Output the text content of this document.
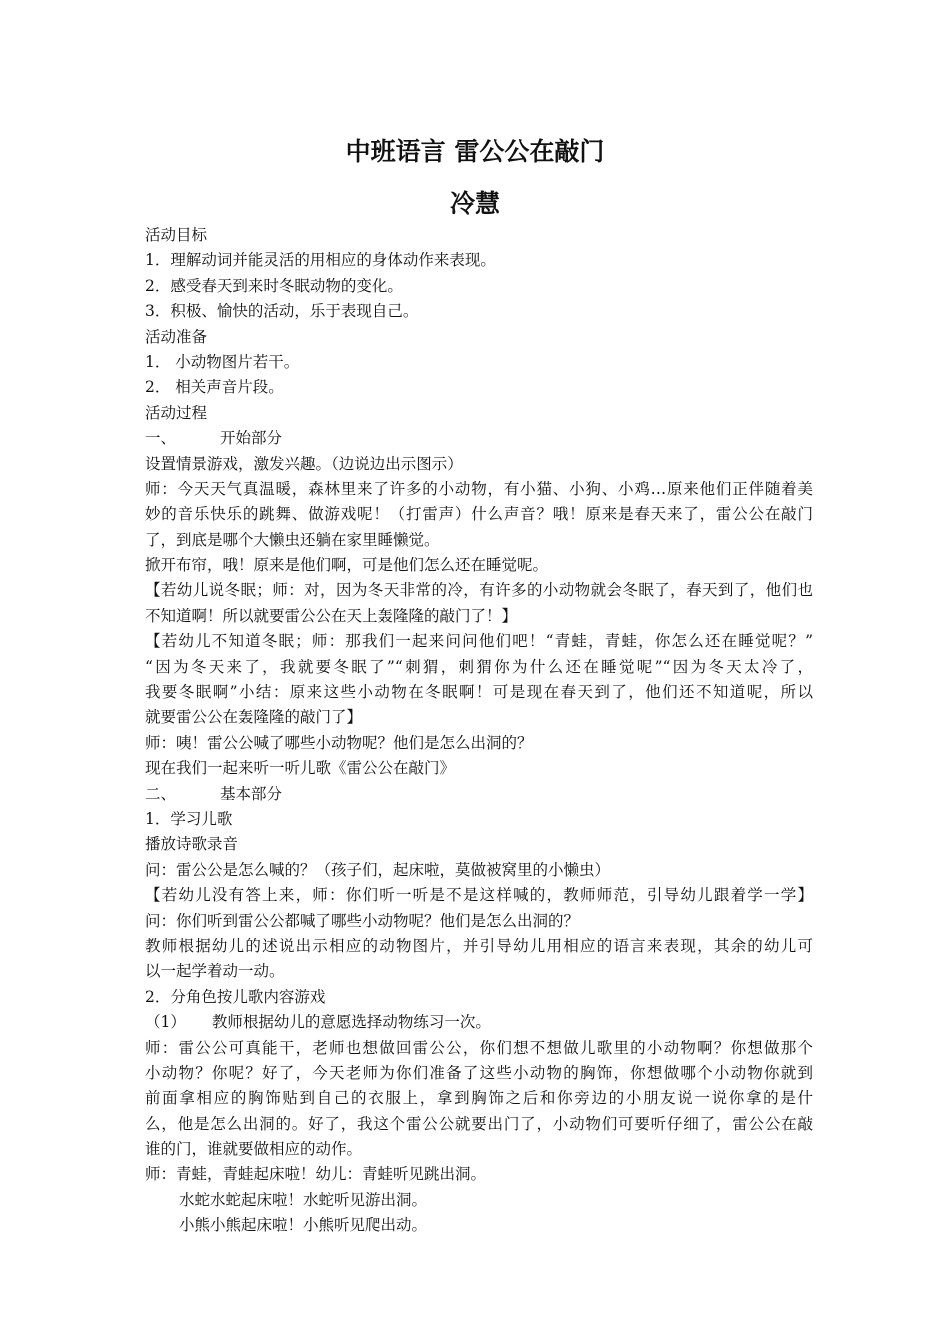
中班语言 雷公公在敲门
冷慧
活动目标
1．理解动词并能灵活的用相应的身体动作来表现。
2．感受春天到来时冬眠动物的变化。
3．积极、愉快的活动，乐于表现自己。
活动准备
1． 小动物图片若干。
2． 相关声音片段。
活动过程
一、	开始部分
设置情景游戏，激发兴趣。（边说边出示图示）
师：今天天气真温暖，森林里来了许多的小动物，有小猫、小狗、小鸡…原来他们正伴随着美
妙的音乐快乐的跳舞、做游戏呢！（打雷声）什么声音？哦！原来是春天来了，雷公公在敲门
了，到底是哪个大懒虫还躺在家里睡懒觉。
掀开布帘，哦！原来是他们啊，可是他们怎么还在睡觉呢。
【若幼儿说冬眠；师：对，因为冬天非常的冷，有许多的小动物就会冬眠了，春天到了，他们也
不知道啊！所以就要雷公公在天上轰隆隆的敲门了！】
【若幼儿不知道冬眠；师：那我们一起来问问他们吧！“青蛙，青蛙，你怎么还在睡觉呢？”
“因为冬天来了，我就要冬眠了”“刺猬，刺猬你为什么还在睡觉呢”“因为冬天太冷了，
我要冬眠啊”小结：原来这些小动物在冬眠啊！可是现在春天到了，他们还不知道呢，所以
就要雷公公在轰隆隆的敲门了】
师：咦！雷公公喊了哪些小动物呢？他们是怎么出洞的？
现在我们一起来听一听儿歌《雷公公在敲门》
二、	基本部分
1．学习儿歌
播放诗歌录音
问：雷公公是怎么喊的？（孩子们，起床啦，莫做被窝里的小懒虫）
【若幼儿没有答上来，师：你们听一听是不是这样喊的，教师师范，引导幼儿跟着学一学】
问：你们听到雷公公都喊了哪些小动物呢？他们是怎么出洞的？
教师根据幼儿的述说出示相应的动物图片，并引导幼儿用相应的语言来表现，其余的幼儿可
以一起学着动一动。
2．分角色按儿歌内容游戏
（1） 教师根据幼儿的意愿选择动物练习一次。
师：雷公公可真能干，老师也想做回雷公公，你们想不想做儿歌里的小动物啊？你想做那个
小动物？你呢？好了，今天老师为你们准备了这些小动物的胸饰，你想做哪个小动物你就到
前面拿相应的胸饰贴到自己的衣服上，拿到胸饰之后和你旁边的小朋友说一说你拿的是什
么，他是怎么出洞的。好了，我这个雷公公就要出门了，小动物们可要听仔细了，雷公公在敲
谁的门，谁就要做相应的动作。
师：青蛙，青蛙起床啦！幼儿：青蛙听见跳出洞。
水蛇水蛇起床啦！水蛇听见游出洞。
小熊小熊起床啦！小熊听见爬出动。
